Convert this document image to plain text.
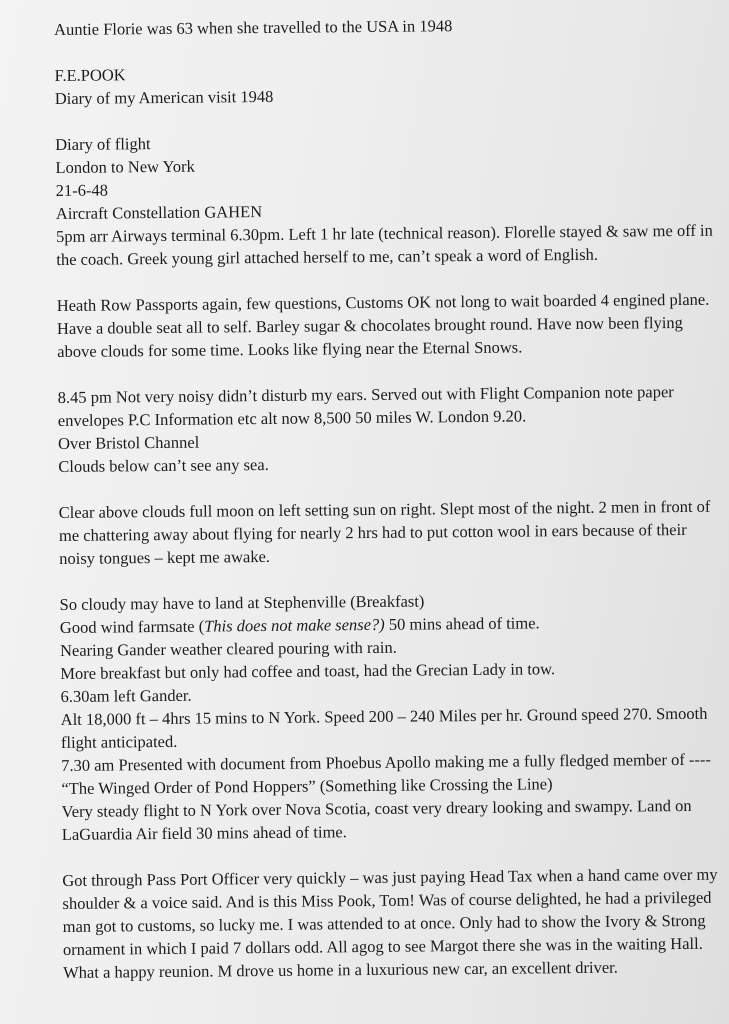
Auntie Florie was 63 when she travelled to the USA in 1948
F.E.POOK
Diary of my American visit 1948
Diary of flight
London to New York
21-6-48
Aircraft Constellation GAHEN
5pm arr Airways terminal 6.30pm. Left 1 hr late (technical reason). Florelle stayed & saw me off in the coach. Greek young girl attached herself to me, can’t speak a word of English.
Heath Row Passports again, few questions, Customs OK not long to wait boarded 4 engined plane. Have a double seat all to self. Barley sugar & chocolates brought round. Have now been flying above clouds for some time. Looks like flying near the Eternal Snows.
8.45 pm Not very noisy didn’t disturb my ears. Served out with Flight Companion note paper envelopes P.C Information etc alt now 8,500 50 miles W. London 9.20.
Over Bristol Channel
Clouds below can’t see any sea.
Clear above clouds full moon on left setting sun on right. Slept most of the night. 2 men in front of me chattering away about flying for nearly 2 hrs had to put cotton wool in ears because of their noisy tongues – kept me awake.
So cloudy may have to land at Stephenville (Breakfast)
Good wind farmsate (This does not make sense?) 50 mins ahead of time.
Nearing Gander weather cleared pouring with rain.
More breakfast but only had coffee and toast, had the Grecian Lady in tow.
6.30am left Gander.
Alt 18,000 ft – 4hrs 15 mins to N York. Speed 200 – 240 Miles per hr. Ground speed 270. Smooth flight anticipated.
7.30 am Presented with document from Phoebus Apollo making me a fully fledged member of ---- “The Winged Order of Pond Hoppers” (Something like Crossing the Line)
Very steady flight to N York over Nova Scotia, coast very dreary looking and swampy. Land on LaGuardia Air field 30 mins ahead of time.
Got through Pass Port Officer very quickly – was just paying Head Tax when a hand came over my shoulder & a voice said. And is this Miss Pook, Tom! Was of course delighted, he had a privileged man got to customs, so lucky me. I was attended to at once. Only had to show the Ivory & Strong ornament in which I paid 7 dollars odd. All agog to see Margot there she was in the waiting Hall. What a happy reunion. M drove us home in a luxurious new car, an excellent driver.
